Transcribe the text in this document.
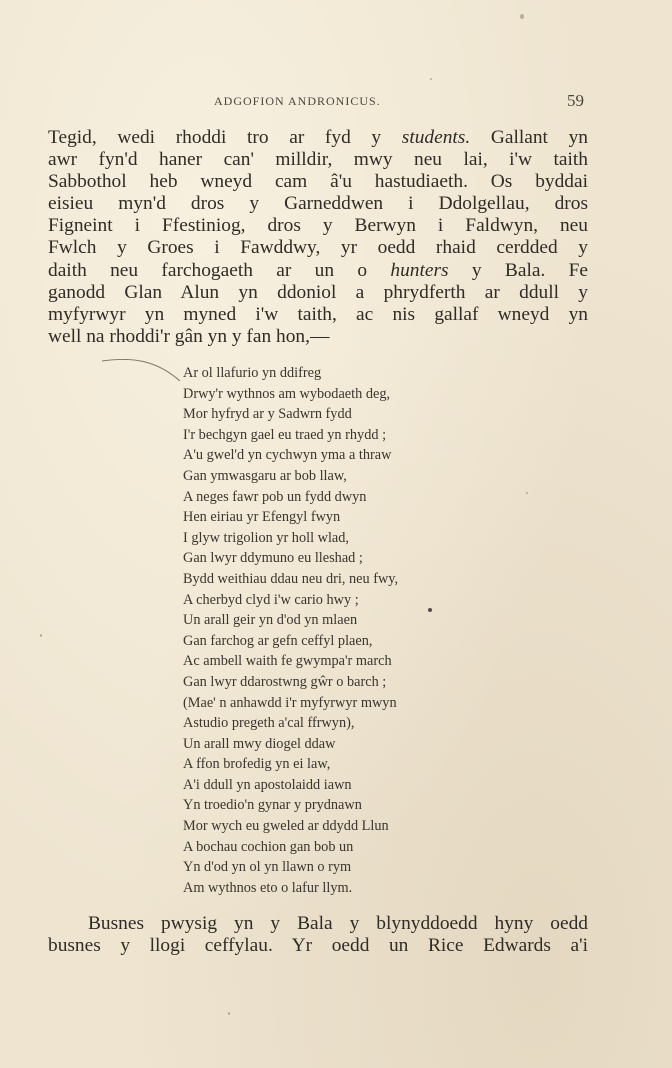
ADGOFION ANDRONICUS.	59
Tegid, wedi rhoddi tro ar fyd y students. Gallant yn
awr fyn'd haner can' milldir, mwy neu lai, i'w taith
Sabbothol heb wneyd cam â'u hastudiaeth. Os byddai
eisieu myn'd dros y Garneddwen i Ddolgellau, dros
Figneint i Ffestiniog, dros y Berwyn i Faldwyn, neu
Fwlch y Groes i Fawddwy, yr oedd rhaid cerdded y
daith neu farchogaeth ar un o hunters y Bala. Fe
ganodd Glan Alun yn ddoniol a phrydferth ar ddull y
myfyrwyr yn myned i'w taith, ac nis gallaf wneyd yn
well na rhoddi'r gân yn y fan hon,—
Ar ol llafurio yn ddifreg
Drwy'r wythnos am wybodaeth deg,
Mor hyfryd ar y Sadwrn fydd
I'r bechgyn gael eu traed yn rhydd ;
A'u gwel'd yn cychwyn yma a thraw
Gan ymwasgaru ar bob llaw,
A neges fawr pob un fydd dwyn
Hen eiriau yr Efengyl fwyn
I glyw trigolion yr holl wlad,
Gan lwyr ddymuno eu lleshad ;
Bydd weithiau ddau neu dri, neu fwy,
A cherbyd clyd i'w cario hwy ;
Un arall geir yn d'od yn mlaen
Gan farchog ar gefn ceffyl plaen,
Ac ambell waith fe gwympa'r march
Gan lwyr ddarostwng gŵr o barch ;
(Mae' n anhawdd i'r myfyrwyr mwyn
Astudio pregeth a'cal ffrwyn),
Un arall mwy diogel ddaw
A ffon brofedig yn ei law,
A'i ddull yn apostolaidd iawn
Yn troedio'n gynar y prydnawn
Mor wych eu gweled ar ddydd Llun
A bochau cochion gan bob un
Yn d'od yn ol yn llawn o rym
Am wythnos eto o lafur llym.
Busnes pwysig yn y Bala y blynyddoedd hyny oedd
busnes y llogi ceffylau. Yr oedd un Rice Edwards a'i
